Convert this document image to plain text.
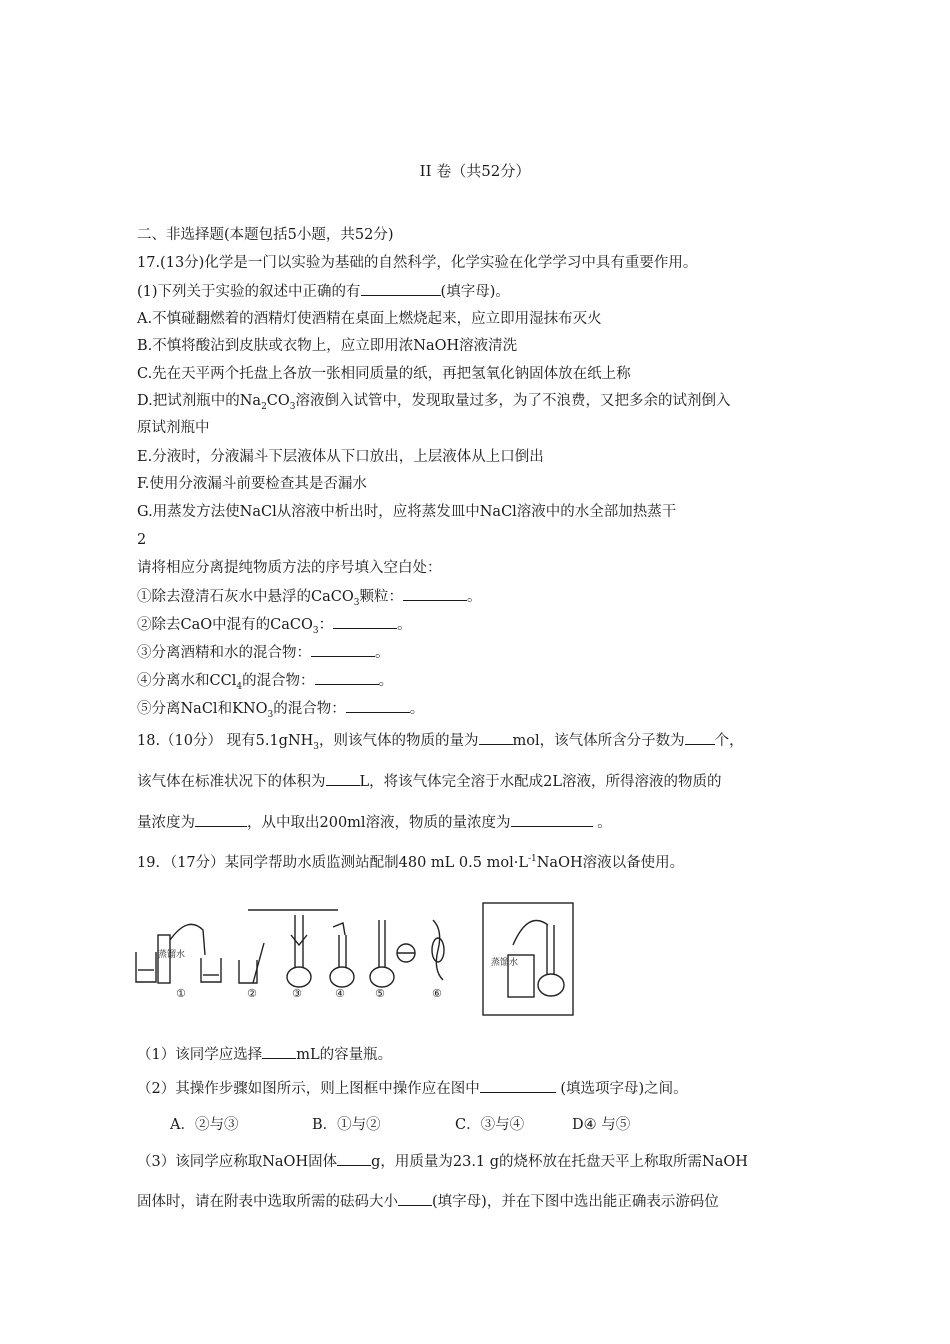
II 卷（共52分）
二、非选择题(本题包括5小题，共52分)
17.(13分)化学是一门以实验为基础的自然科学，化学实验在化学学习中具有重要作用。
(1)下列关于实验的叙述中正确的有	(填字母)。
A.不慎碰翻燃着的酒精灯使酒精在桌面上燃烧起来，应立即用湿抹布灭火
B.不慎将酸沾到皮肤或衣物上，应立即用浓NaOH溶液清洗
C.先在天平两个托盘上各放一张相同质量的纸，再把氢氧化钠固体放在纸上称
D.把试剂瓶中的$Na_2CO_3$溶液倒入试管中，发现取量过多，为了不浪费，又把多余的试剂倒入
原试剂瓶中
E.分液时，分液漏斗下层液体从下口放出，上层液体从上口倒出
F.使用分液漏斗前要检查其是否漏水
G.用蒸发方法使NaCl从溶液中析出时，应将蒸发皿中NaCl溶液中的水全部加热蒸干
2
请将相应分离提纯物质方法的序号填入空白处：
①除去澄清石灰水中悬浮的CaCO$_3$颗粒：	。
②除去CaO中混有的CaCO$_3$：	。
③分离酒精和水的混合物：	。
④分离水和CCl$_4$的混合物：	。
⑤分离NaCl和$KNO_3$的混合物：	。
18.（10分） 现有5.1gNH$_3$，则该气体的物质的量为 mol，该气体所含分子数为 个，
该气体在标准状况下的体积为 L，将该气体完全溶于水配成2L溶液，所得溶液的物质的
量浓度为	，从中取出200ml溶液，物质的量浓度为	。
19．（17分）某同学帮助水质监测站配制480 mL 0.5 $mol\cdot L^{-1}NaOH$溶液以备使用。
蒸馏水
①	②	③	④	⑤	⑥
蒸馏水
（1）该同学应选择 mL的容量瓶。
（2）其操作步骤如图所示，则上图框中操作应在图中	(填选项字母)之间。
A．②与③	B．①与②	C．③与④	D④ 与⑤
（3）该同学应称取NaOH固体 g，用质量为23.1 g的烧杯放在托盘天平上称取所需NaOH
固体时，请在附表中选取所需的砝码大小 (填字母)，并在下图中选出能正确表示游码位
